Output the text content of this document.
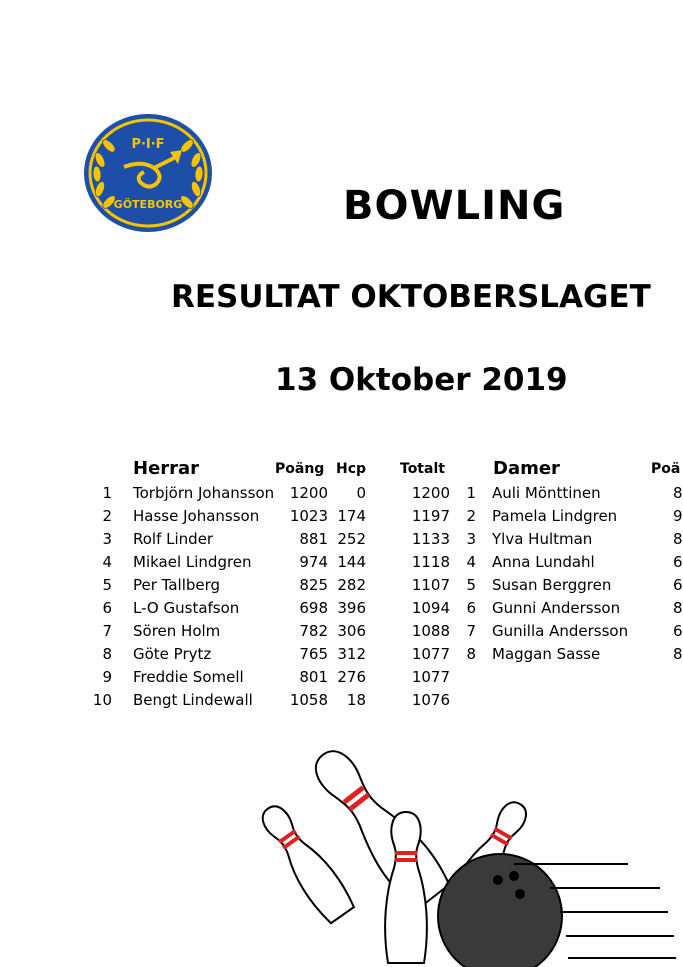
P·I·F
GÖTEBORG	BOWLING
RESULTAT OKTOBERSLAGET
13 Oktober 2019
Herrar	Poäng Hcp Totalt	Damer	Poä
1 Torbjörn Johansson	1200	0	1200	1 Auli Mönttinen	8
2 Hasse Johansson	1023 174	1197	2 Pamela Lindgren	9
3 Rolf Linder	881 252	1133	3 Ylva Hultman	8
4 Mikael Lindgren	974 144	1118	4 Anna Lundahl	6
5 Per Tallberg	825 282	1107	5 Susan Berggren	6
6 L-O Gustafson	698 396	1094	6 Gunni Andersson	8
7 Sören Holm	782 306	1088	7 Gunilla Andersson	6
8 Göte Prytz	765 312	1077	8 Maggan Sasse	8
9 Freddie Somell	801 276	1077
10 Bengt Lindewall	1058	18	1076
